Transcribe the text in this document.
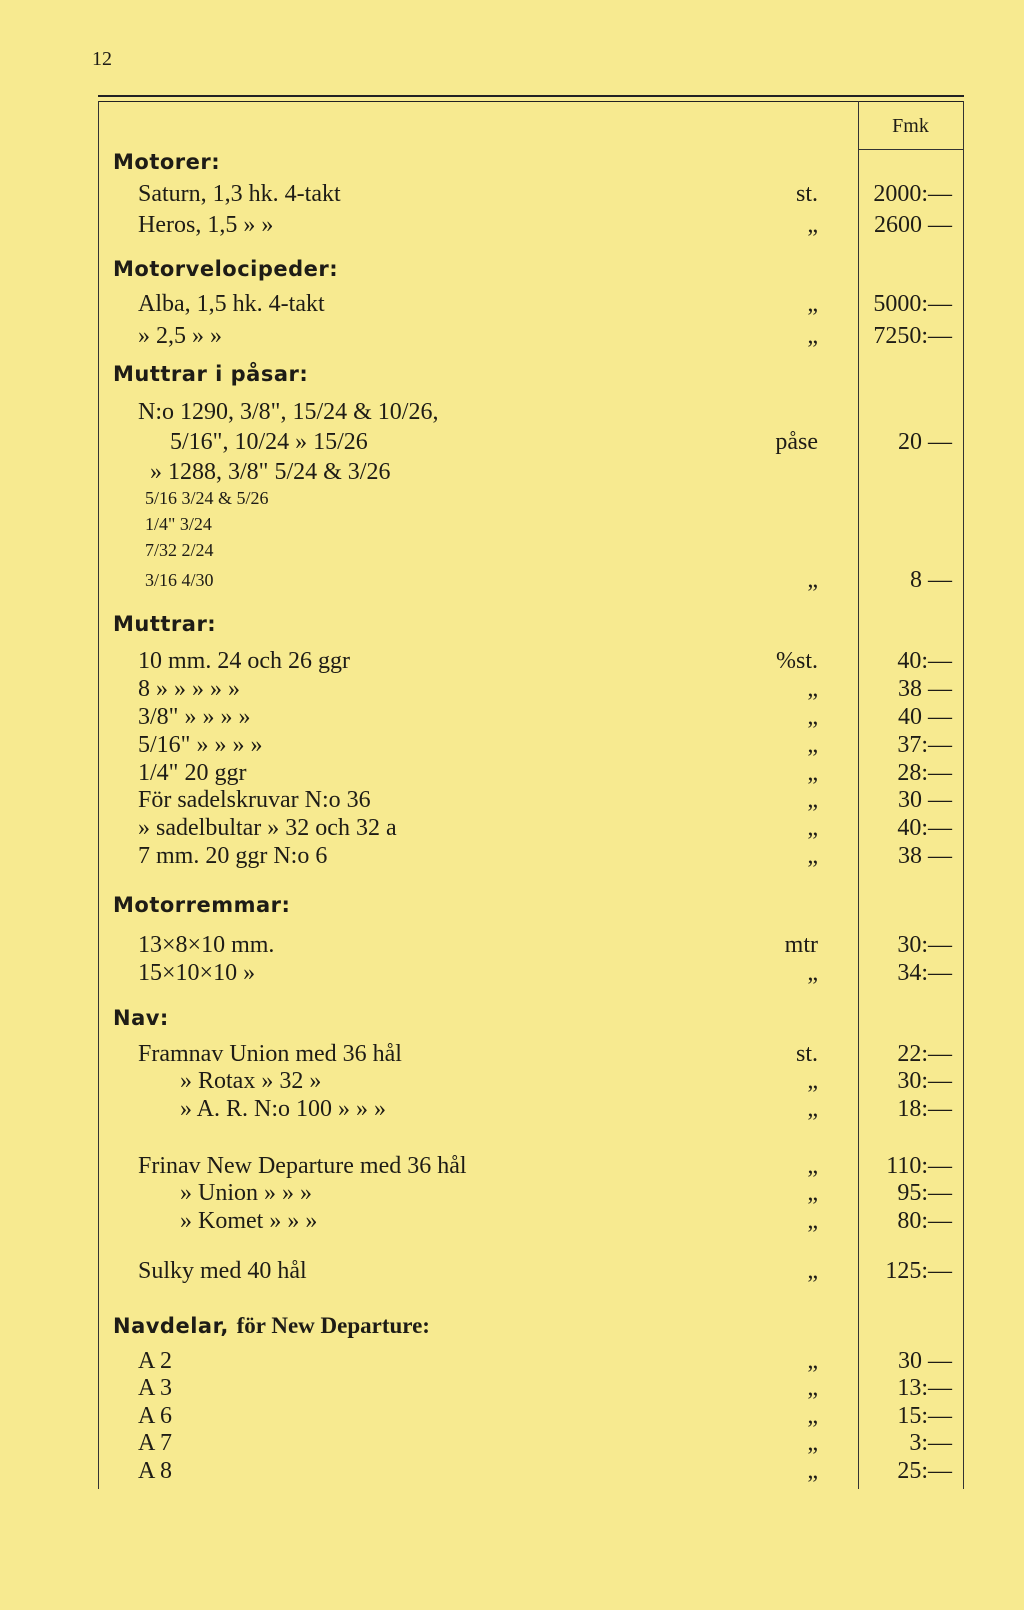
12
Fmk
Motorer:
Saturn, 1,3 hk. 4-takt	st.	2000:—
Heros, 1,5 » »	„	2600 —
Motorvelocipeder:
Alba, 1,5 hk. 4-takt	„	5000:—
» 2,5 » »	„	7250:—
Muttrar i påsar:
N:o 1290, 3/8", 15/24 & 10/26,
5/16", 10/24 » 15/26	påse	20 —
» 1288, 3/8" 5/24 & 3/26
5/16 3/24 & 5/26
1/4" 3/24
7/32 2/24
3/16 4/30	„	8 —
Muttrar:
10 mm. 24 och 26 ggr	%st.	40:—
8 » » » » »	„	38 —
3/8" » » » »	„	40 —
5/16" » » » »	„	37:—
1/4" 20 ggr	„	28:—
För sadelskruvar N:o 36	„	30 —
» sadelbultar » 32 och 32 a	„	40:—
7 mm. 20 ggr N:o 6	„	38 —
Motorremmar:
13×8×10 mm.	mtr	30:—
15×10×10 »	„	34:—
Nav:
Framnav Union med 36 hål	st.	22:—
» Rotax » 32 »	„	30:—
» A. R. N:o 100 » » »	„	18:—
Frinav New Departure med 36 hål	„	110:—
» Union » » »	„	95:—
» Komet » » »	„	80:—
Sulky med 40 hål	„	125:—
Navdelar, för New Departure:
A 2	„	30 —
A 3	„	13:—
A 6	„	15:—
A 7	„	3:—
A 8	„	25:—
